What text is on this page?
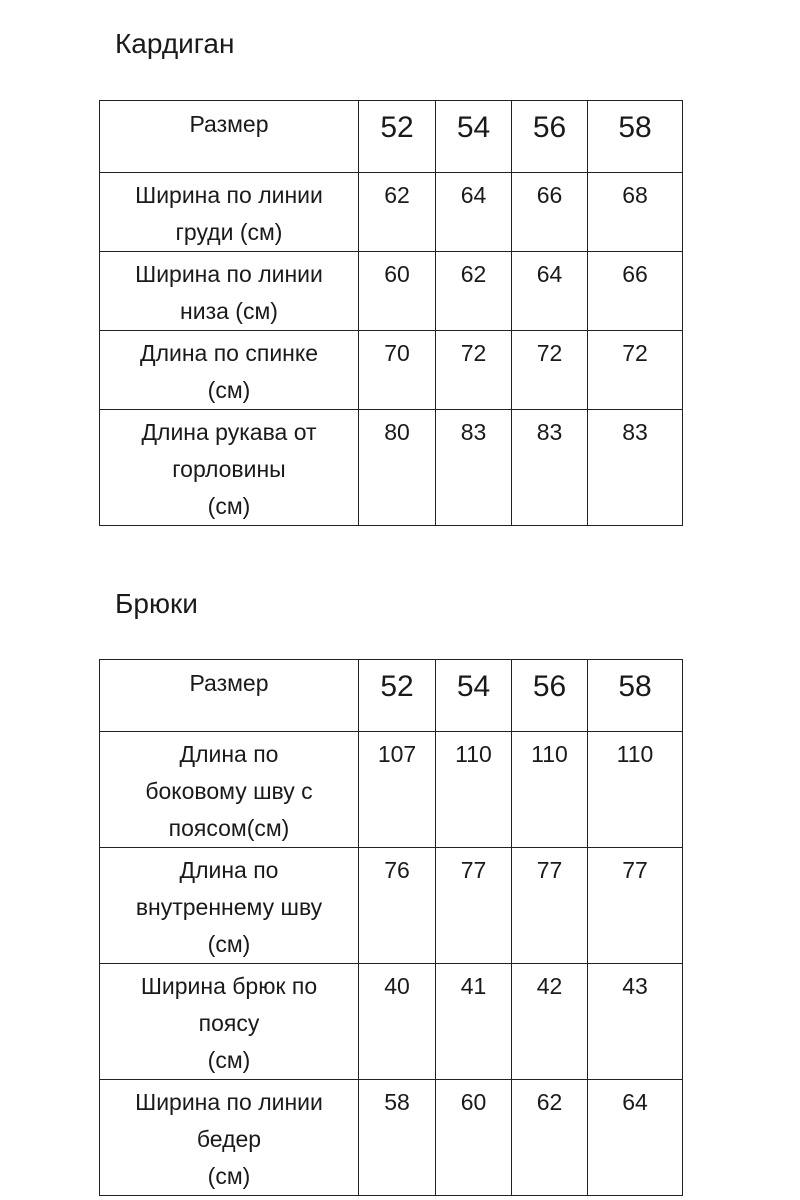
Кардиган
Размер	52	54	56	58

Ширина по линии
груди (см)	62	64	66	68

Ширина по линии
низа (см)	60	62	64	66

Длина по спинке
(см)	70	72	72	72

Длина рукава от
горловины
(см)	80	83	83	83
Брюки
Размер	52	54	56	58

Длина по
боковому шву с
поясом(см)	107	110	110	110

Длина по
внутреннему шву
(см)	76	77	77	77

Ширина брюк по
поясу
(см)	40	41	42	43

Ширина по линии
бедер
(см)	58	60	62	64
